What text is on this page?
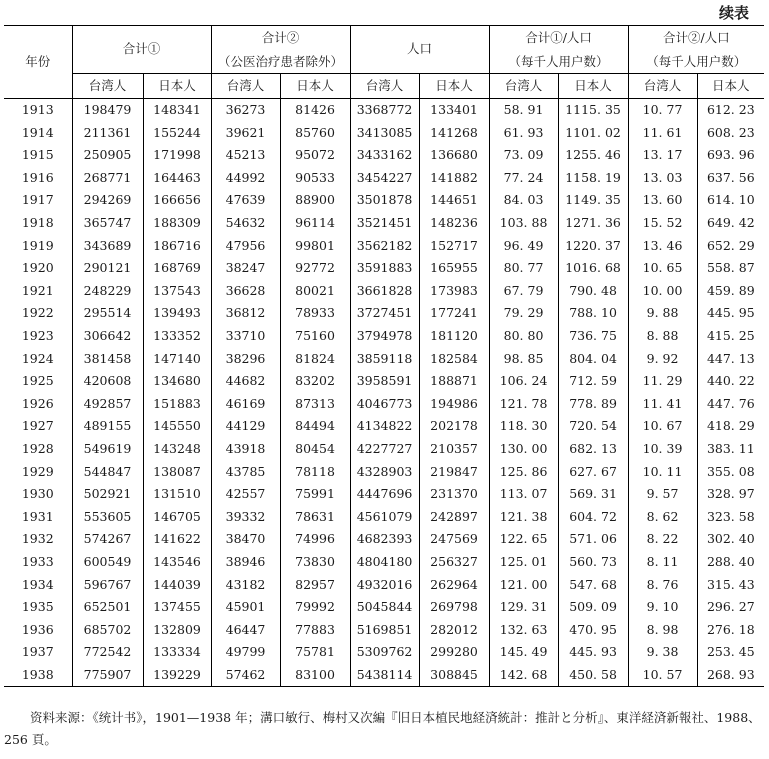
续表
年份	合计①		合计②		人口		合计①/人口		合计②/人口	
			（公医治疗患者除外）				（每千人用户数）		（每千人用户数）	
	台湾人	日本人	台湾人	日本人	台湾人	日本人	台湾人	日本人	台湾人	日本人
1913	198479	148341	36273	81426	3368772	133401	58. 91	1115. 35	10. 77	612. 23
1914	211361	155244	39621	85760	3413085	141268	61. 93	1101. 02	11. 61	608. 23
1915	250905	171998	45213	95072	3433162	136680	73. 09	1255. 46	13. 17	693. 96
1916	268771	164463	44992	90533	3454227	141882	77. 24	1158. 19	13. 03	637. 56
1917	294269	166656	47639	88900	3501878	144651	84. 03	1149. 35	13. 60	614. 10
1918	365747	188309	54632	96114	3521451	148236	103. 88	1271. 36	15. 52	649. 42
1919	343689	186716	47956	99801	3562182	152717	96. 49	1220. 37	13. 46	652. 29
1920	290121	168769	38247	92772	3591883	165955	80. 77	1016. 68	10. 65	558. 87
1921	248229	137543	36628	80021	3661828	173983	67. 79	790. 48	10. 00	459. 89
1922	295514	139493	36812	78933	3727451	177241	79. 29	788. 10	9. 88	445. 95
1923	306642	133352	33710	75160	3794978	181120	80. 80	736. 75	8. 88	415. 25
1924	381458	147140	38296	81824	3859118	182584	98. 85	804. 04	9. 92	447. 13
1925	420608	134680	44682	83202	3958591	188871	106. 24	712. 59	11. 29	440. 22
1926	492857	151883	46169	87313	4046773	194986	121. 78	778. 89	11. 41	447. 76
1927	489155	145550	44129	84494	4134822	202178	118. 30	720. 54	10. 67	418. 29
1928	549619	143248	43918	80454	4227727	210357	130. 00	682. 13	10. 39	383. 11
1929	544847	138087	43785	78118	4328903	219847	125. 86	627. 67	10. 11	355. 08
1930	502921	131510	42557	75991	4447696	231370	113. 07	569. 31	9. 57	328. 97
1931	553605	146705	39332	78631	4561079	242897	121. 38	604. 72	8. 62	323. 58
1932	574267	141622	38470	74996	4682393	247569	122. 65	571. 06	8. 22	302. 40
1933	600549	143546	38946	73830	4804180	256327	125. 01	560. 73	8. 11	288. 40
1934	596767	144039	43182	82957	4932016	262964	121. 00	547. 68	8. 76	315. 43
1935	652501	137455	45901	79992	5045844	269798	129. 31	509. 09	9. 10	296. 27
1936	685702	132809	46447	77883	5169851	282012	132. 63	470. 95	8. 98	276. 18
1937	772542	133334	49799	75781	5309762	299280	145. 49	445. 93	9. 38	253. 45
1938	775907	139229	57462	83100	5438114	308845	142. 68	450. 58	10. 57	268. 93
资料来源：《统计书》，1901—1938 年；溝口敏行、梅村又次編『旧日本植民地経済統計：推計と分析』、東洋経済新報社、1988、256 頁。
